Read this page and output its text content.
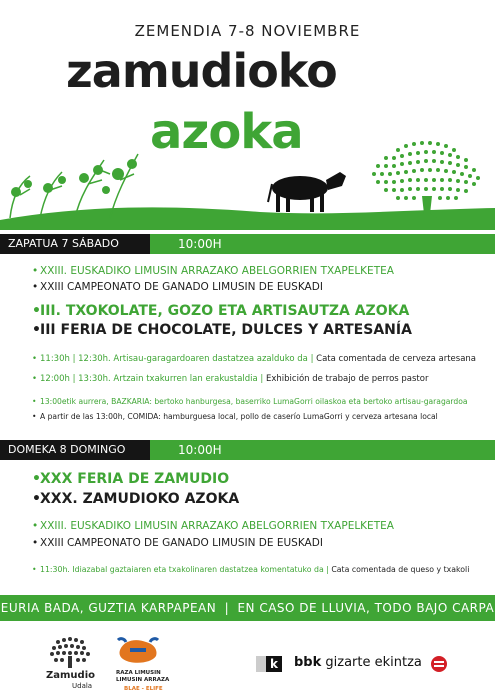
ZEMENDIA 7-8 NOVIEMBRE
zamudioko
azoka
ZAPATUA 7 SÁBADO	10:00H
• XXIII. EUSKADIKO LIMUSIN ARRAZAKO ABELGORRIEN TXAPELKETEA
• XXIII CAMPEONATO DE GANADO LIMUSIN DE EUSKADI
•III. TXOKOLATE, GOZO ETA ARTISAUTZA AZOKA
•III FERIA DE CHOCOLATE, DULCES Y ARTESANÍA
• 11:30h | 12:30h. Artisau-garagardoaren dastatzea azalduko da | Cata comentada de cerveza artesana
• 12:00h | 13:30h. Artzain txakurren lan erakustaldia | Exhibición de trabajo de perros pastor
• 13:00etik aurrera, BAZKARIA: bertoko hanburgesa, baserriko LumaGorri oilaskoa eta bertoko artisau-garagardoa
• A partir de las 13:00h, COMIDA: hamburguesa local, pollo de caserío LumaGorri y cerveza artesana local
DOMEKA 8 DOMINGO	10:00H
•XXX FERIA DE ZAMUDIO
•XXX. ZAMUDIOKO AZOKA
• XXIII. EUSKADIKO LIMUSIN ARRAZAKO ABELGORRIEN TXAPELKETEA
• XXIII CAMPEONATO DE GANADO LIMUSIN DE EUSKADI
• 11:30h. Idiazabal gaztaiaren eta txakolinaren dastatzea komentatuko da | Cata comentada de queso y txakoli
EURIA BADA, GUZTIA KARPAPEAN | EN CASO DE LLUVIA, TODO BAJO CARPA
Zamudio
Udala
RAZA LIMUSIN
LIMUSIN ARRAZA
BLAE - ELIFE
k	bbk gizarte ekintza
